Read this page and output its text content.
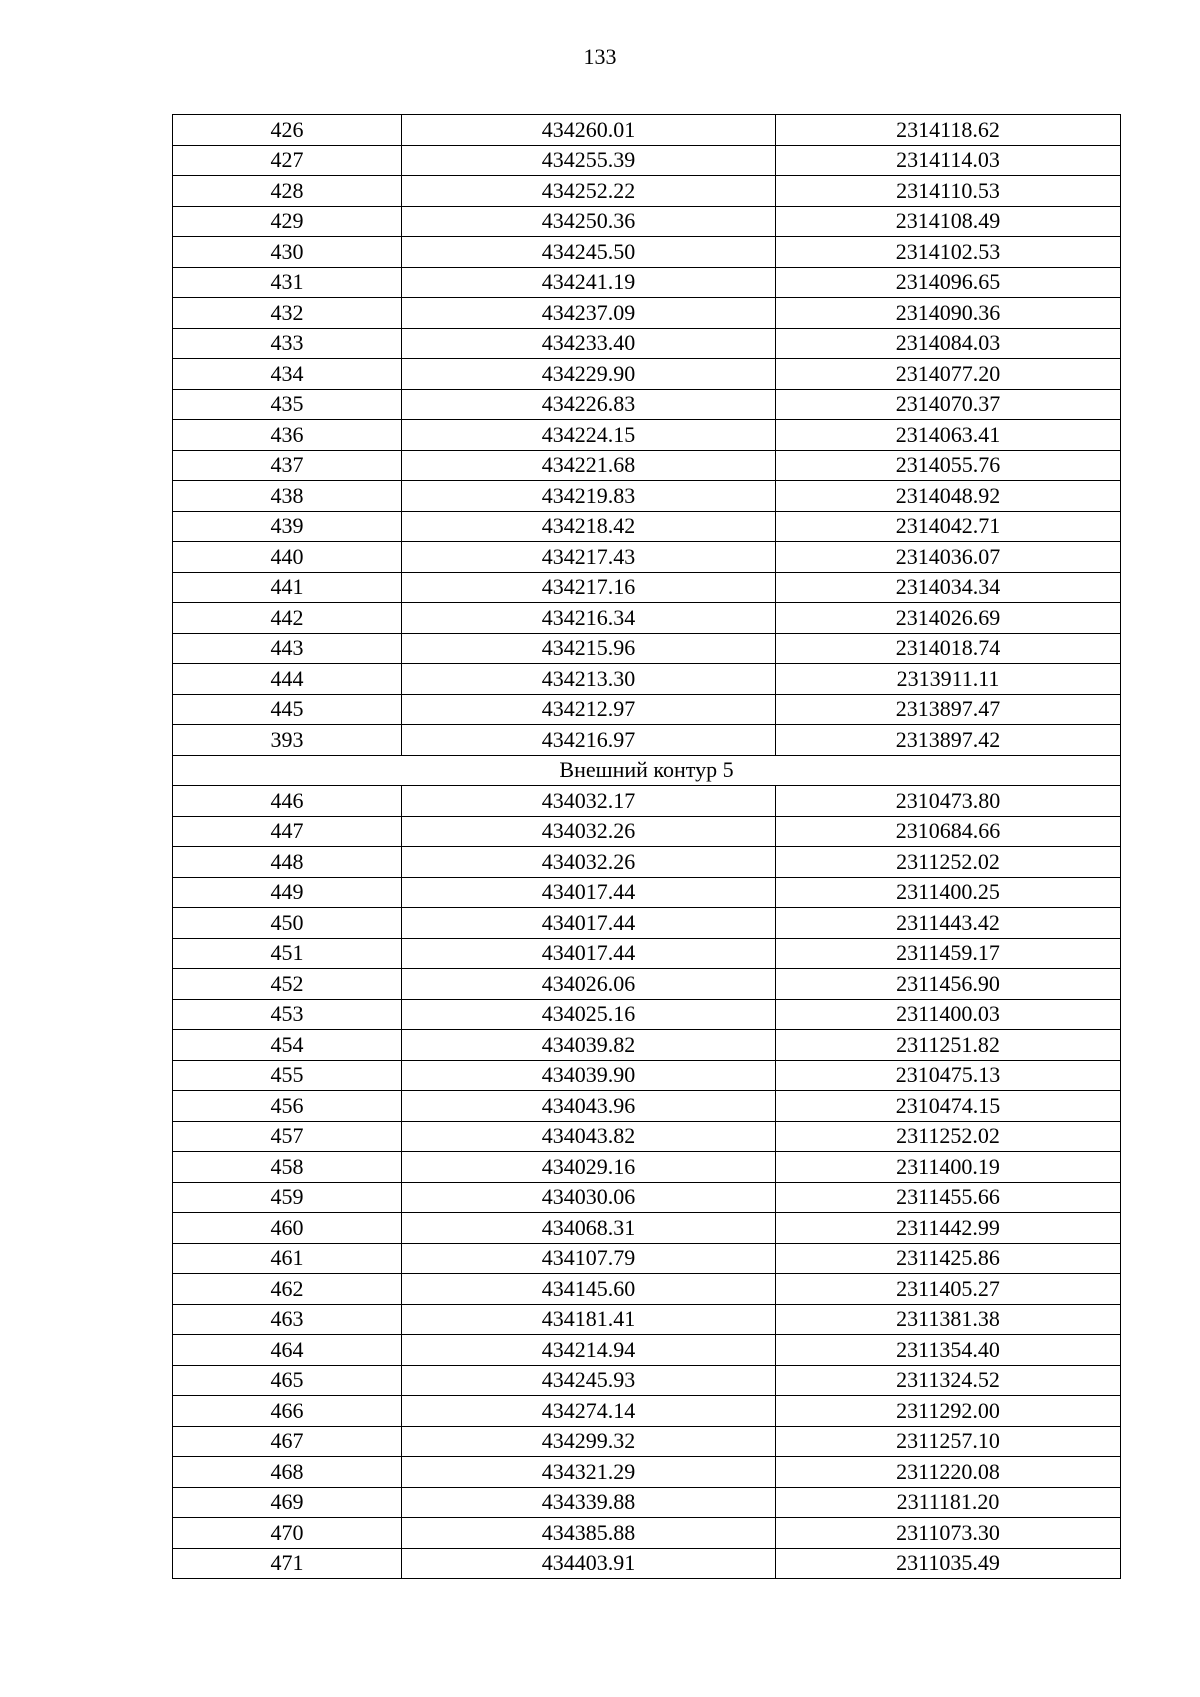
133
426	434260.01	2314118.62
427	434255.39	2314114.03
428	434252.22	2314110.53
429	434250.36	2314108.49
430	434245.50	2314102.53
431	434241.19	2314096.65
432	434237.09	2314090.36
433	434233.40	2314084.03
434	434229.90	2314077.20
435	434226.83	2314070.37
436	434224.15	2314063.41
437	434221.68	2314055.76
438	434219.83	2314048.92
439	434218.42	2314042.71
440	434217.43	2314036.07
441	434217.16	2314034.34
442	434216.34	2314026.69
443	434215.96	2314018.74
444	434213.30	2313911.11
445	434212.97	2313897.47
393	434216.97	2313897.42
Внешний контур 5		
446	434032.17	2310473.80
447	434032.26	2310684.66
448	434032.26	2311252.02
449	434017.44	2311400.25
450	434017.44	2311443.42
451	434017.44	2311459.17
452	434026.06	2311456.90
453	434025.16	2311400.03
454	434039.82	2311251.82
455	434039.90	2310475.13
456	434043.96	2310474.15
457	434043.82	2311252.02
458	434029.16	2311400.19
459	434030.06	2311455.66
460	434068.31	2311442.99
461	434107.79	2311425.86
462	434145.60	2311405.27
463	434181.41	2311381.38
464	434214.94	2311354.40
465	434245.93	2311324.52
466	434274.14	2311292.00
467	434299.32	2311257.10
468	434321.29	2311220.08
469	434339.88	2311181.20
470	434385.88	2311073.30
471	434403.91	2311035.49
